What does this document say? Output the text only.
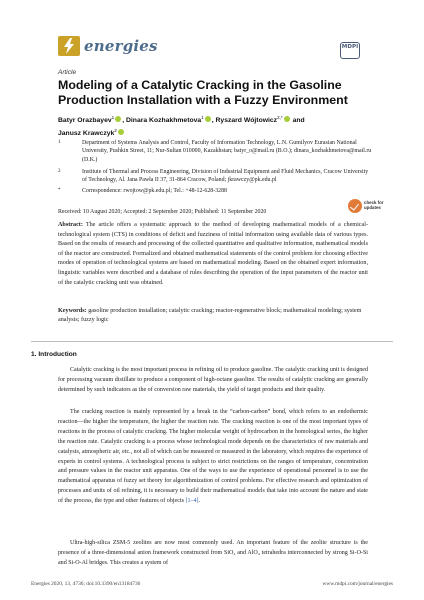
energies	MDPI
Article
Modeling of a Catalytic Cracking in the Gasoline Production Installation with a Fuzzy Environment
Batyr Orazbayev$^1$ , Dinara Kozhakhmetova$^1$ , Ryszard Wójtowicz$^{2,*}$ and
Janusz Krawczyk$^2$
1	Department of Systems Analysis and Control, Faculty of Information Technology, L.N. Gumilyov Eurasian National University, Pushkin Street, 11; Nur-Sultan 010000, Kazakhstan; batyr_o@mail.ru (B.O.); dinara_kozhakhmetova@mail.ru (D.K.)
2	Institute of Thermal and Process Engineering, Division of Industrial Equipment and Fluid Mechanics, Cracow University of Technology, Al. Jana Pawła II 37, 31-864 Cracow, Poland; jkrawczy@pk.edu.pl
*	Correspondence: rwojtow@pk.edu.pl; Tel.: +48-12-628-3288
check for
updates
Received: 10 August 2020; Accepted: 2 September 2020; Published: 11 September 2020
Abstract: The article offers a systematic approach to the method of developing mathematical models of a chemical-technological system (CTS) in conditions of deficit and fuzziness of initial information using available data of various types. Based on the results of research and processing of the collected quantitative and qualitative information, mathematical models of the reactor are constructed. Formalized and obtained mathematical statements of the control problem for choosing effective modes of operation of technological systems are based on mathematical modeling. Based on the obtained expert information, linguistic variables were described and a database of rules describing the operation of the input parameters of the reactor unit of the catalytic cracking unit was obtained.
Keywords: gasoline production installation; catalytic cracking; reactor-regenerative block; mathematical modeling; system analysis; fuzzy logic
1. Introduction
Catalytic cracking is the most important process in refining oil to produce gasoline. The catalytic cracking unit is designed for processing vacuum distillate to produce a component of high-octane gasoline. The results of catalytic cracking are generally determined by such indicators as the of conversion raw materials, the yield of target products and their quality.
The cracking reaction is mainly represented by a break in the “carbon-carbon” bond, which refers to an endothermic reaction—the higher the temperature, the higher the reaction rate. The cracking reaction is one of the most important types of reactions in the process of catalytic cracking. The higher molecular weight of hydrocarbon in the homological series, the higher the reaction rate. Catalytic cracking is a process whose technological mode depends on the characteristics of raw materials and catalysts, atmospheric air, etc., not all of which can be measured or measured in the laboratory, which requires the experience of experts in control systems. A technological process is subject to strict restrictions on the ranges of temperature, concentration and pressure values in the reactor unit apparatus. One of the ways to use the experience of operational personnel is to use the mathematical apparatus of fuzzy set theory for algorithmization of control problems. For effective research and optimization of processes and units of oil refining, it is necessary to build their mathematical models that take into account the nature and state of the process, the type and other features of objects [1–4].
Ultra-high-silica ZSM-5 zeolites are now most commonly used. An important feature of the zeolite structure is the presence of a three-dimensional anion framework constructed from SiO₄ and AlO₄ tetrahedra interconnected by strong Si-O-Si and Si-O-Al bridges. This creates a system of
Energies 2020, 13, 4736; doi:10.3390/en13184736	www.mdpi.com/journal/energies
